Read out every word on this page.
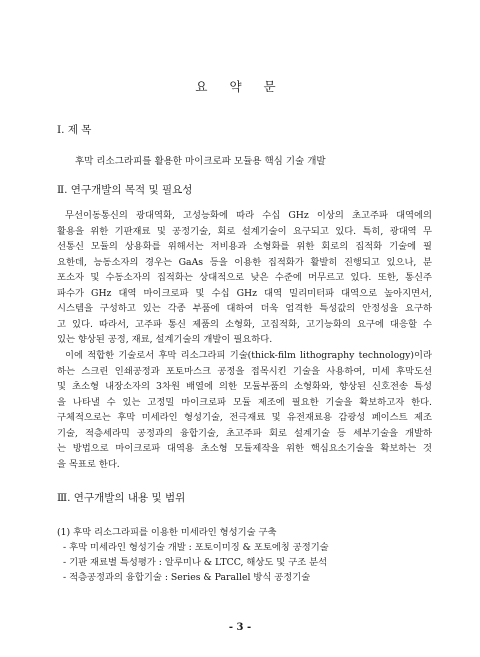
요 약 문
Ⅰ. 제 목
후막 리소그라피를 활용한 마이크로파 모듈용 핵심 기술 개발
Ⅱ. 연구개발의 목적 및 필요성
무선이동통신의 광대역화, 고성능화에 따라 수십 GHz 이상의 초고주파 대역에의
활용을 위한 기판재료 및 공정기술, 회로 설계기술이 요구되고 있다. 특히, 광대역 무
선통신 모듈의 상용화를 위해서는 저비용과 소형화를 위한 회로의 집적화 기술에 필
요한데, 능동소자의 경우는 GaAs 등을 이용한 집적화가 활발히 진행되고 있으나, 분
포소자 및 수동소자의 집적화는 상대적으로 낮은 수준에 머무르고 있다. 또한, 통신주
파수가 GHz 대역 마이크로파 및 수십 GHz 대역 밀리미터파 대역으로 높아지면서,
시스템을 구성하고 있는 각종 부품에 대하여 더욱 엄격한 특성값의 안정성을 요구하
고 있다. 따라서, 고주파 통신 제품의 소형화, 고집적화, 고기능화의 요구에 대응할 수
있는 향상된 공정, 재료, 설계기술의 개발이 필요하다.
이에 적합한 기술로서 후막 리소그라피 기술(thick-film lithography technology)이라
하는 스크린 인쇄공정과 포토마스크 공정을 접목시킨 기술을 사용하여, 미세 후막도선
및 초소형 내장소자의 3차원 배열에 의한 모듈부품의 소형화와, 향상된 신호전송 특성
을 나타낼 수 있는 고정밀 마이크로파 모듈 제조에 필요한 기술을 확보하고자 한다.
구체적으로는 후막 미세라인 형성기술, 전극재료 및 유전재료용 감광성 페이스트 제조
기술, 적층세라믹 공정과의 융합기술, 초고주파 회로 설계기술 등 세부기술을 개발하
는 방법으로 마이크로파 대역용 초소형 모듈제작을 위한 핵심요소기술을 확보하는 것
을 목표로 한다.
Ⅲ. 연구개발의 내용 및 범위
(1) 후막 리소그라피를 이용한 미세라인 형성기술 구축
- 후막 미세라인 형성기술 개발 : 포토이미징 & 포토에칭 공정기술
- 기판 재료별 특성평가 : 알루미나 & LTCC, 해상도 및 구조 분석
- 적층공정과의 융합기술 : Series & Parallel 방식 공정기술
- 3 -
